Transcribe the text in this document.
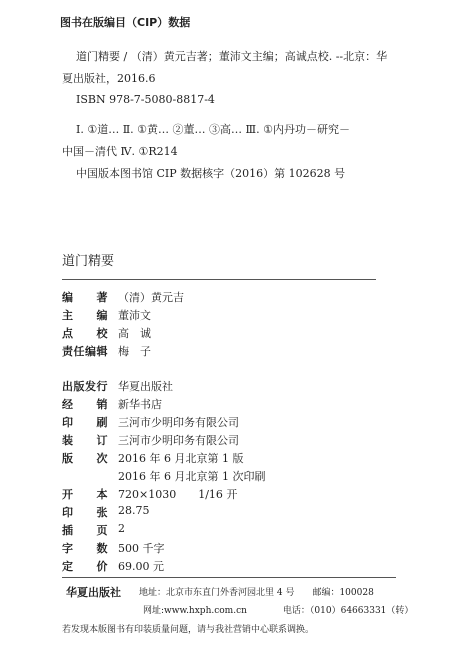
图书在版编目（CIP）数据
道门精要 / （清）黄元吉著；董沛文主编；高诚点校. --北京：华
夏出版社，2016.6
ISBN 978-7-5080-8817-4
Ⅰ. ①道… Ⅱ. ①黄… ②董… ③高… Ⅲ. ①内丹功－研究－
中国－清代 Ⅳ. ①R214
中国版本图书馆 CIP 数据核字（2016）第 102628 号
道门精要
编　　著 （清）黄元吉
主　　编 董沛文
点　　校 高　诚
责任编辑 梅　子
出版发行 华夏出版社
经　　销 新华书店
印　　刷 三河市少明印务有限公司
装　　订 三河市少明印务有限公司
版　　次 2016 年 6 月北京第 1 版
2016 年 6 月北京第 1 次印刷
开　　本 720×1030　　1/16 开
印　　张 28.75
插　　页 2
字　　数 500 千字
定　　价 69.00 元
华夏出版社 地址：北京市东直门外香河园北里 4 号　　邮编：100028
网址:www.hxph.com.cn　　　　电话：（010）64663331（转）
若发现本版图书有印装质量问题，请与我社营销中心联系调换。
